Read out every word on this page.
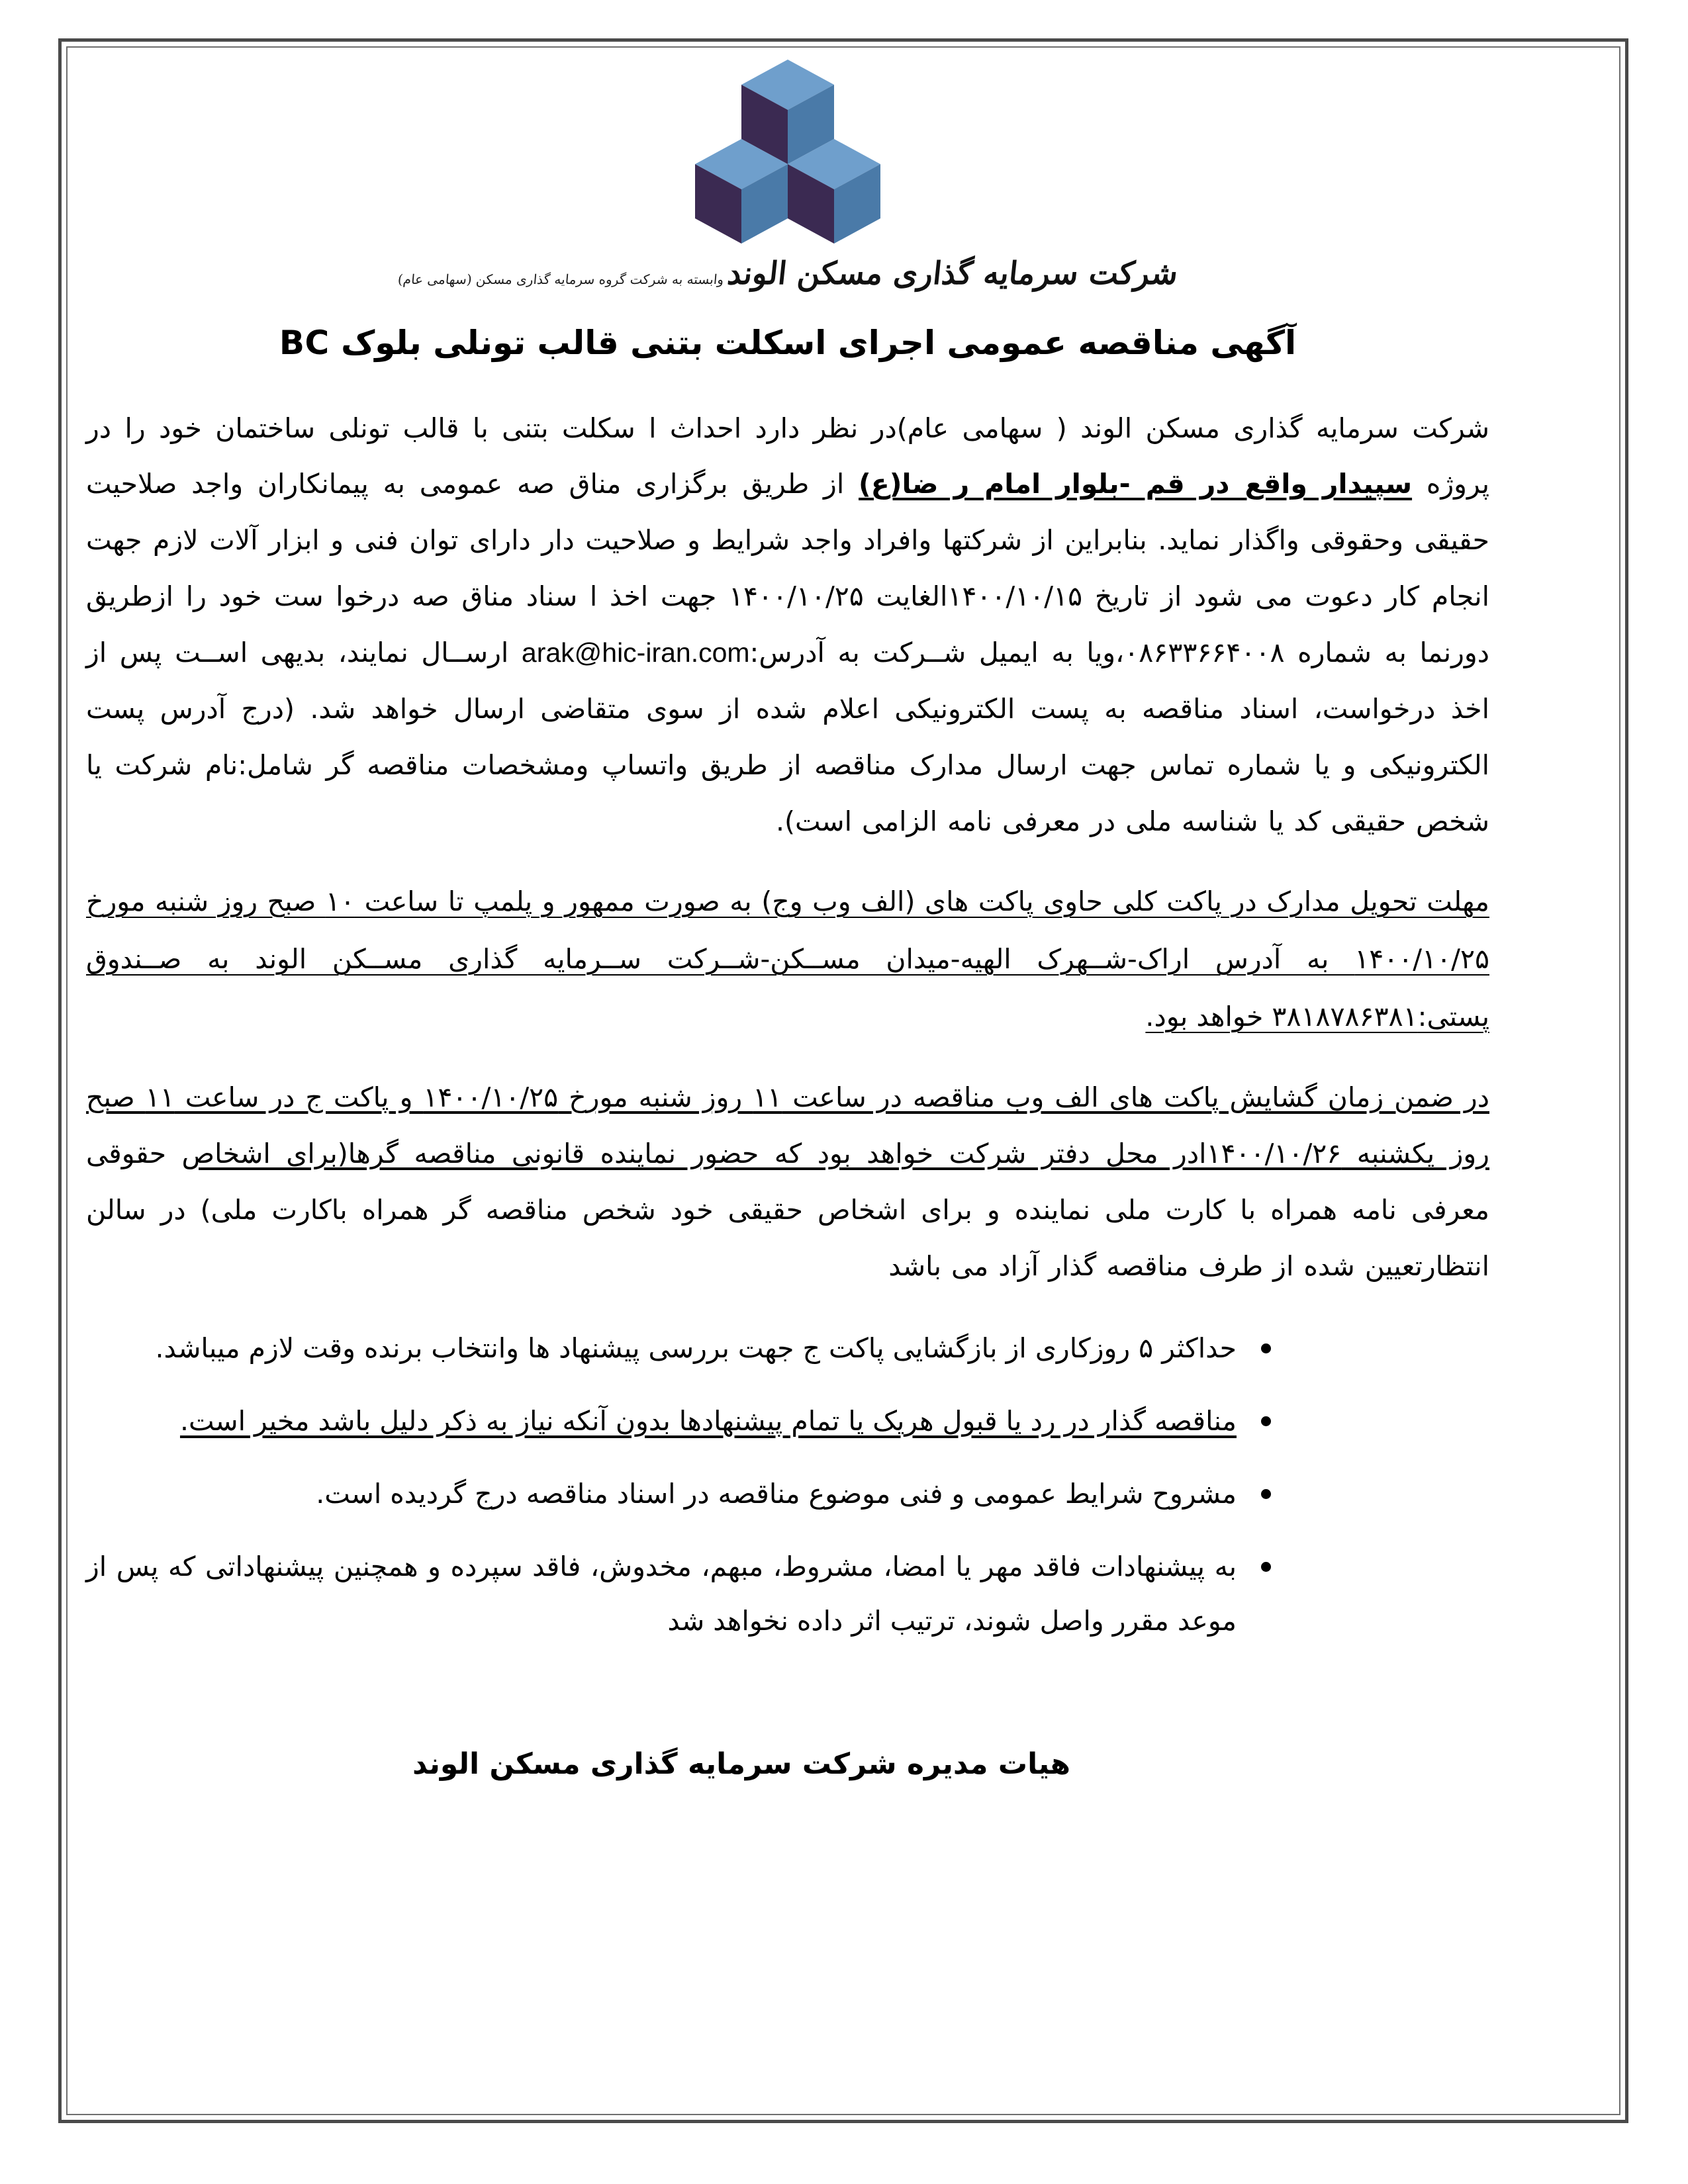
شرکت سرمایه گذاری مسکن الوند وابسته به شرکت گروه سرمایه گذاری مسکن (سهامی عام)
آگهی مناقصه عمومی اجرای اسکلت بتنی قالب تونلی بلوک BC

شرکت سرمایه گذاری مسکن الوند ( سهامی عام)در نظر دارد احداث ا سکلت بتنی با قالب تونلی ساختمان خود را در پروژه سپیدار واقع در قم -بلوار امام ر ضا(ع) از طریق برگزاری مناق صه عمومی به پیمانکاران واجد صلاحیت حقیقی وحقوقی واگذار نماید. بنابراین از شرکتها وافراد واجد شرایط و صلاحیت دار دارای توان فنی و ابزار آلات لازم جهت انجام کار دعوت می شود از تاریخ ۱۴۰۰/۱۰/۱۵الغایت ۱۴۰۰/۱۰/۲۵ جهت اخذ ا سناد مناق صه درخوا ست خود را ازطریق دورنما به شماره ۰۸۶۳۳۶۶۴۰۰۸،ویا به ایمیل شــرکت به آدرس:arak@hic-iran.com ارســال نمایند، بدیهی اســت پس از اخذ درخواست، اسناد مناقصه به پست الکترونیکی اعلام شده از سوی متقاضی ارسال خواهد شد. (درج آدرس پست الکترونیکی و یا شماره تماس جهت ارسال مدارک مناقصه از طریق واتساپ ومشخصات مناقصه گر شامل:نام شرکت یا شخص حقیقی کد یا شناسه ملی در معرفی نامه الزامی است).

مهلت تحویل مدارک در پاکت کلی حاوی پاکت های (الف وب وج) به صورت ممهور و پلمپ تا ساعت ۱۰ صبح روز شنبه مورخ ۱۴۰۰/۱۰/۲۵ به آدرس اراک-شــهرک الهیه-میدان مســکن-شــرکت ســرمایه گذاری مســکن الوند به صــندوق پستی:۳۸۱۸۷۸۶۳۸۱ خواهد بود.

در ضمن زمان گشایش پاکت های الف وب مناقصه در ساعت ۱۱ روز شنبه مورخ ۱۴۰۰/۱۰/۲۵ و پاکت ج در ساعت ۱۱ صبح روز یکشنبه ۱۴۰۰/۱۰/۲۶ادر محل دفتر شرکت خواهد بود که حضور نماینده قانونی مناقصه گرها(برای اشخاص حقوقی معرفی نامه همراه با کارت ملی نماینده و برای اشخاص حقیقی خود شخص مناقصه گر همراه باکارت ملی) در سالن انتظارتعیین شده از طرف مناقصه گذار آزاد می باشد

حداکثر ۵ روزکاری از بازگشایی پاکت ج جهت بررسی پیشنهاد ها وانتخاب برنده وقت لازم میباشد.
مناقصه گذار در رد یا قبول هریک یا تمام پیشنهادها بدون آنکه نیاز به ذکر دلیل باشد مخیر است.
مشروح شرایط عمومی و فنی موضوع مناقصه در اسناد مناقصه درج گردیده است.
به پیشنهادات فاقد مهر یا امضا، مشروط، مبهم، مخدوش، فاقد سپرده و همچنین پیشنهاداتی که پس از موعد مقرر واصل شوند، ترتیب اثر داده نخواهد شد
هیات مدیره شرکت سرمایه گذاری مسکن الوند
